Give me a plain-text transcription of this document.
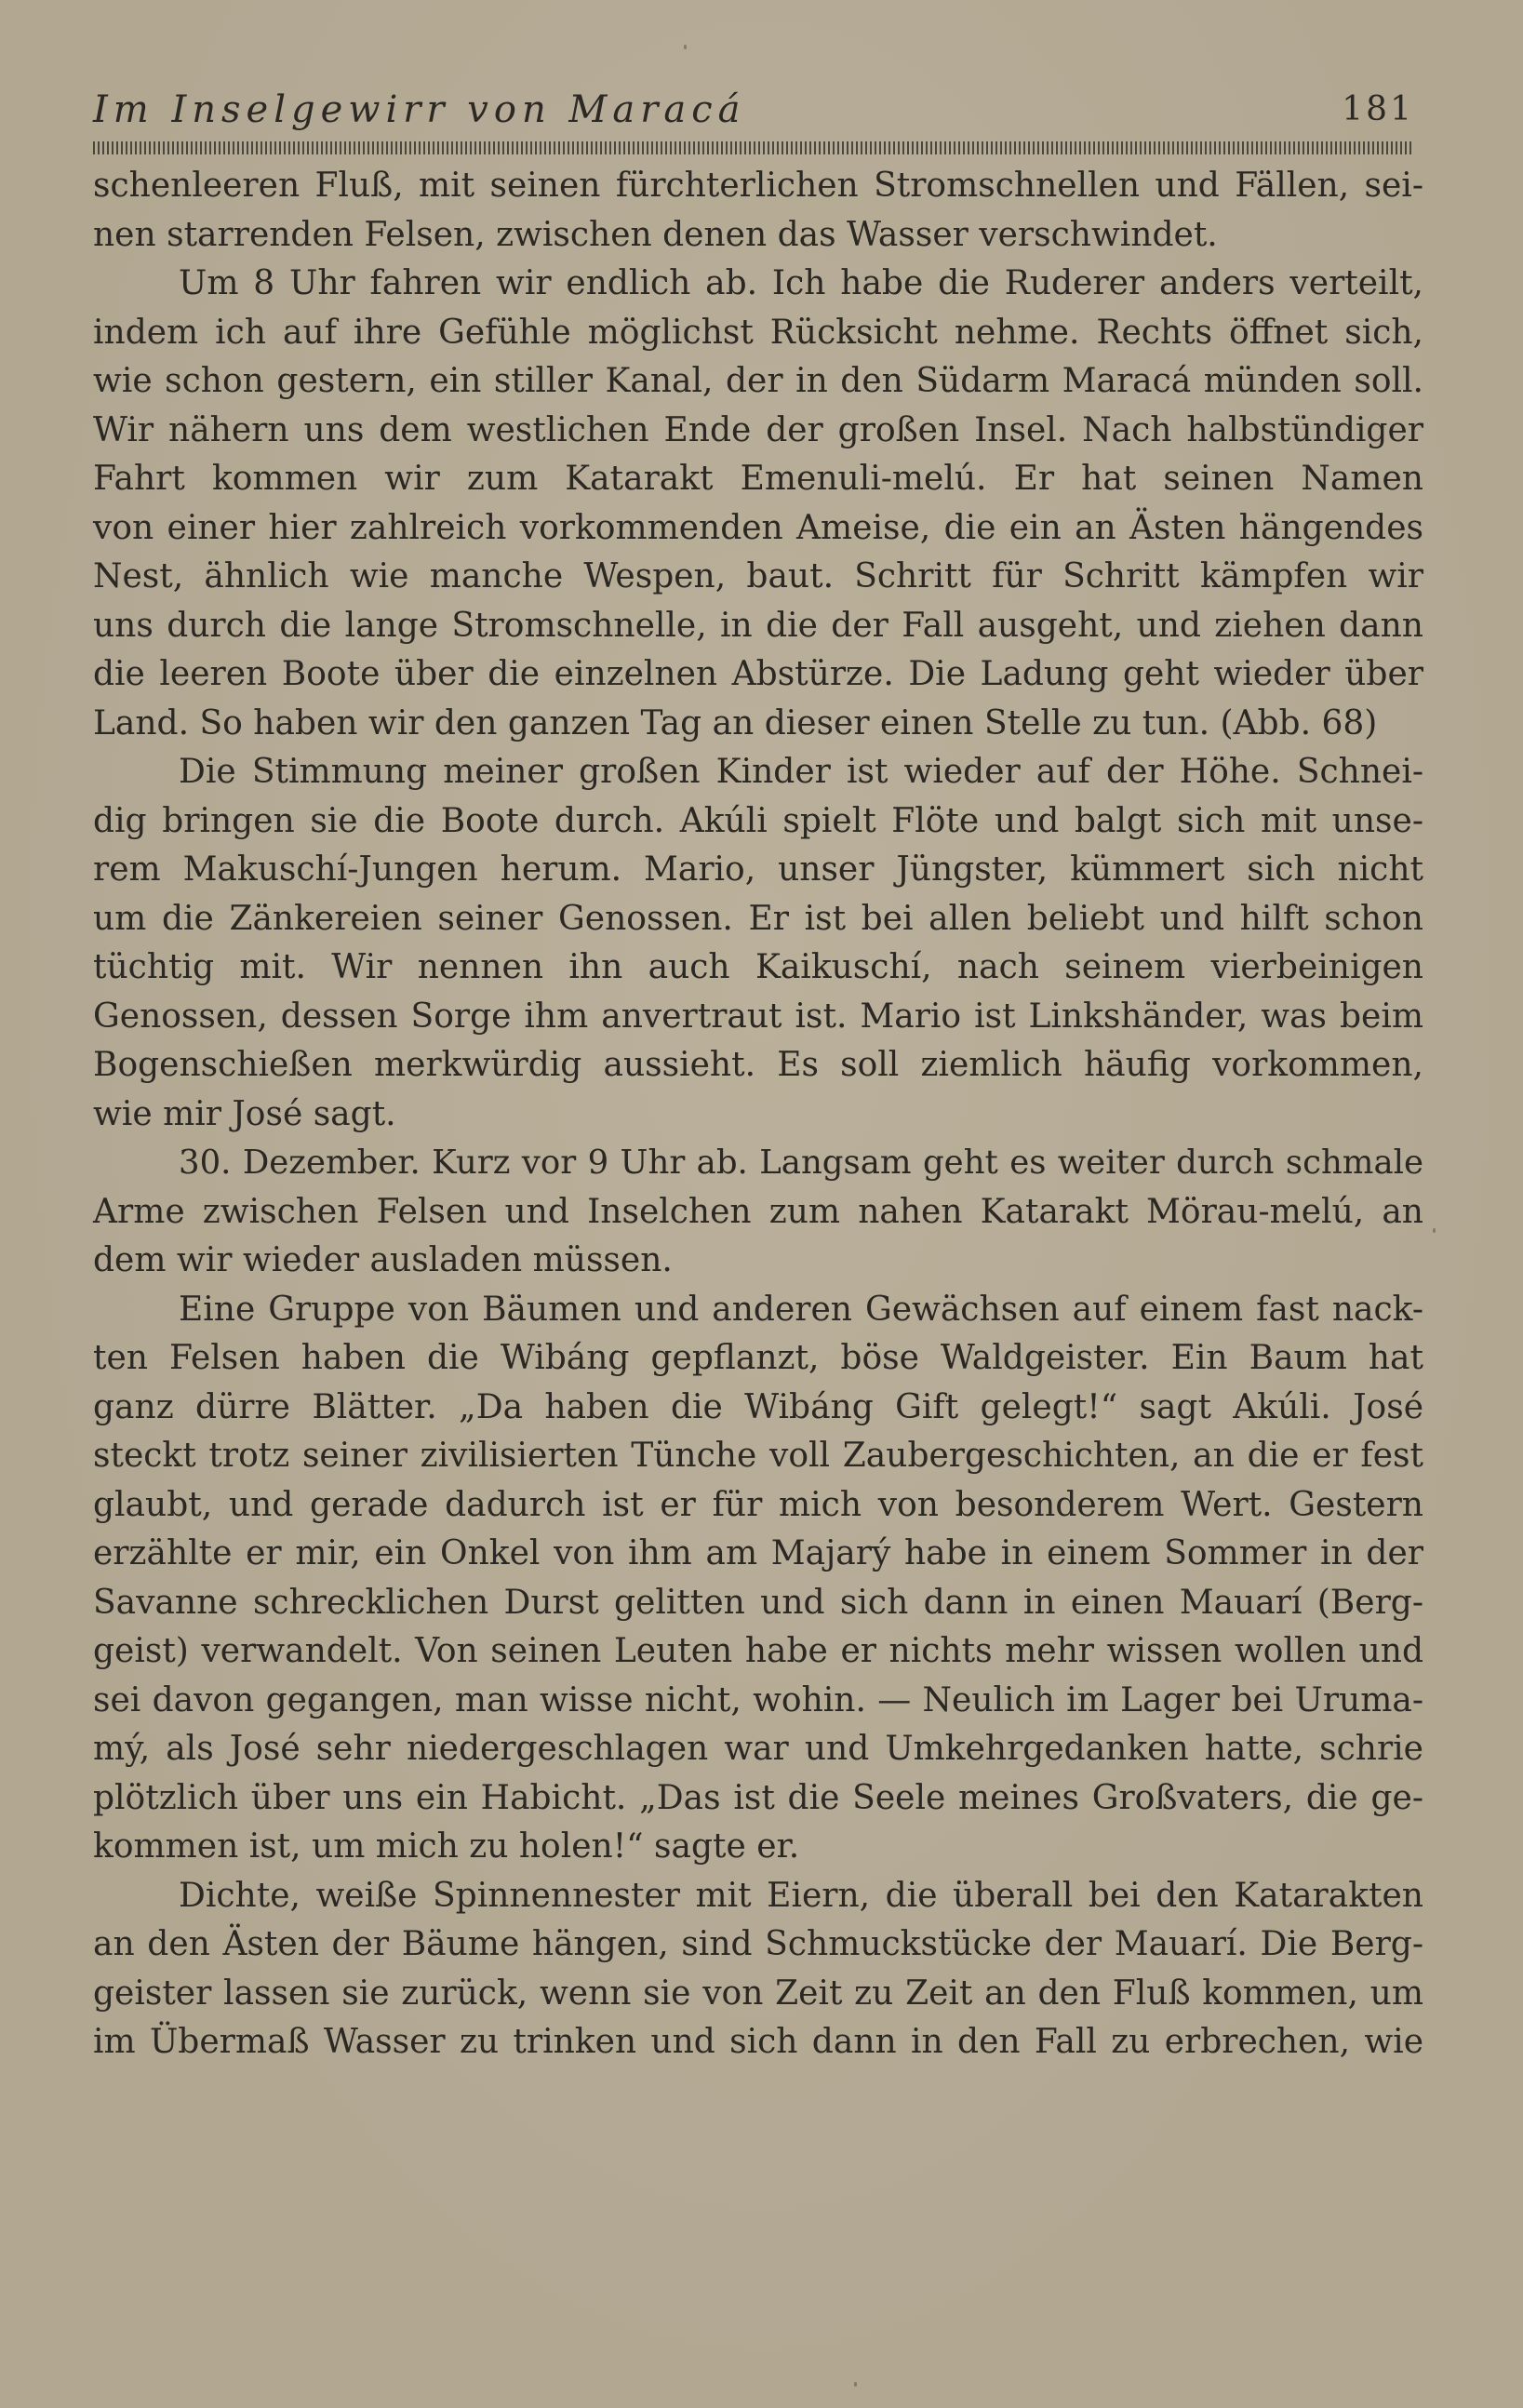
Im Inselgewirr von Maracá	181
schenleeren Fluß, mit seinen fürchterlichen Stromschnellen und Fällen, sei-
nen starrenden Felsen, zwischen denen das Wasser verschwindet.
Um 8 Uhr fahren wir endlich ab. Ich habe die Ruderer anders verteilt,
indem ich auf ihre Gefühle möglichst Rücksicht nehme. Rechts öffnet sich,
wie schon gestern, ein stiller Kanal, der in den Südarm Maracá münden soll.
Wir nähern uns dem westlichen Ende der großen Insel. Nach halbstündiger
Fahrt kommen wir zum Katarakt Emenuli-melú. Er hat seinen Namen
von einer hier zahlreich vorkommenden Ameise, die ein an Ästen hängendes
Nest, ähnlich wie manche Wespen, baut. Schritt für Schritt kämpfen wir
uns durch die lange Stromschnelle, in die der Fall ausgeht, und ziehen dann
die leeren Boote über die einzelnen Abstürze. Die Ladung geht wieder über
Land. So haben wir den ganzen Tag an dieser einen Stelle zu tun. (Abb. 68)
Die Stimmung meiner großen Kinder ist wieder auf der Höhe. Schnei-
dig bringen sie die Boote durch. Akúli spielt Flöte und balgt sich mit unse-
rem Makuschí-Jungen herum. Mario, unser Jüngster, kümmert sich nicht
um die Zänkereien seiner Genossen. Er ist bei allen beliebt und hilft schon
tüchtig mit. Wir nennen ihn auch Kaikuschí, nach seinem vierbeinigen
Genossen, dessen Sorge ihm anvertraut ist. Mario ist Linkshänder, was beim
Bogenschießen merkwürdig aussieht. Es soll ziemlich häufig vorkommen,
wie mir José sagt.
30. Dezember. Kurz vor 9 Uhr ab. Langsam geht es weiter durch schmale
Arme zwischen Felsen und Inselchen zum nahen Katarakt Mörau-melú, an
dem wir wieder ausladen müssen.
Eine Gruppe von Bäumen und anderen Gewächsen auf einem fast nack-
ten Felsen haben die Wibáng gepflanzt, böse Waldgeister. Ein Baum hat
ganz dürre Blätter. „Da haben die Wibáng Gift gelegt!“ sagt Akúli. José
steckt trotz seiner zivilisierten Tünche voll Zaubergeschichten, an die er fest
glaubt, und gerade dadurch ist er für mich von besonderem Wert. Gestern
erzählte er mir, ein Onkel von ihm am Majarý habe in einem Sommer in der
Savanne schrecklichen Durst gelitten und sich dann in einen Mauarí (Berg-
geist) verwandelt. Von seinen Leuten habe er nichts mehr wissen wollen und
sei davon gegangen, man wisse nicht, wohin. — Neulich im Lager bei Uruma-
mý, als José sehr niedergeschlagen war und Umkehrgedanken hatte, schrie
plötzlich über uns ein Habicht. „Das ist die Seele meines Großvaters, die ge-
kommen ist, um mich zu holen!“ sagte er.
Dichte, weiße Spinnennester mit Eiern, die überall bei den Katarakten
an den Ästen der Bäume hängen, sind Schmuckstücke der Mauarí. Die Berg-
geister lassen sie zurück, wenn sie von Zeit zu Zeit an den Fluß kommen, um
im Übermaß Wasser zu trinken und sich dann in den Fall zu erbrechen, wie
